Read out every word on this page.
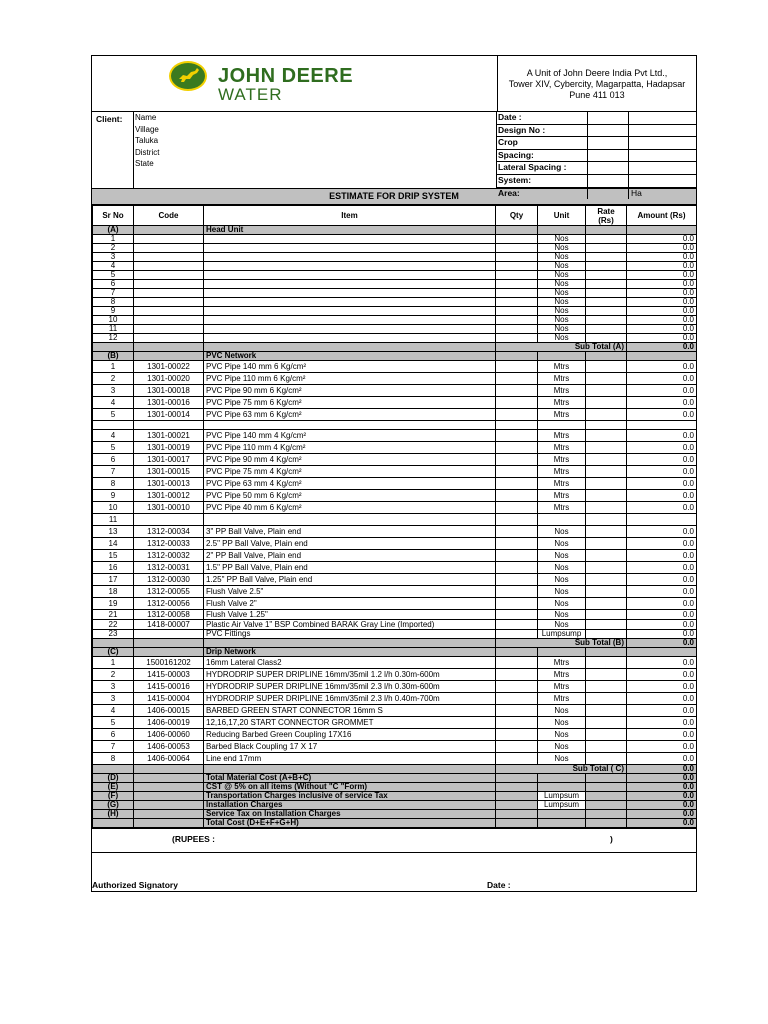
JOHN DEERE
WATER
A Unit of John Deere India Pvt Ltd.,
Tower XIV, Cybercity, Magarpatta, Hadapsar
Pune 411 013
Client:	Name
Village
Taluka
District
State
Date :
Design No :
Crop
Spacing:
Lateral Spacing :
System:
Area:	Ha
ESTIMATE FOR DRIP SYSTEM
Sr No	Code	Item	Qty	Unit	Rate (Rs)	Amount (Rs)
(A)		Head Unit				
1				Nos		0.0
2				Nos		0.0
3				Nos		0.0
4				Nos		0.0
5				Nos		0.0
6				Nos		0.0
7				Nos		0.0
8				Nos		0.0
9				Nos		0.0
10				Nos		0.0
11				Nos		0.0
12				Nos		0.0
			Sub Total (A)			0.0
(B)		PVC Network				
1	1301-00022	PVC Pipe 140 mm 6 Kg/cm²		Mtrs		0.0
2	1301-00020	PVC Pipe 110 mm 6 Kg/cm²		Mtrs		0.0
3	1301-00018	PVC Pipe 90 mm 6 Kg/cm²		Mtrs		0.0
4	1301-00016	PVC Pipe 75 mm 6 Kg/cm²		Mtrs		0.0
5	1301-00014	PVC Pipe 63 mm 6 Kg/cm²		Mtrs		0.0

4	1301-00021	PVC Pipe 140 mm 4 Kg/cm²		Mtrs		0.0
5	1301-00019	PVC Pipe 110 mm 4 Kg/cm²		Mtrs		0.0
6	1301-00017	PVC Pipe 90 mm 4 Kg/cm²		Mtrs		0.0
7	1301-00015	PVC Pipe 75 mm 4 Kg/cm²		Mtrs		0.0
8	1301-00013	PVC Pipe 63 mm 4 Kg/cm²		Mtrs		0.0
9	1301-00012	PVC Pipe 50 mm 6 Kg/cm²		Mtrs		0.0
10	1301-00010	PVC Pipe 40 mm 6 Kg/cm²		Mtrs		0.0
11						
13	1312-00034	3" PP Ball Valve, Plain end		Nos		0.0
14	1312-00033	2.5" PP Ball Valve, Plain end		Nos		0.0
15	1312-00032	2" PP Ball Valve, Plain end		Nos		0.0
16	1312-00031	1.5" PP Ball Valve, Plain end		Nos		0.0
17	1312-00030	1.25" PP Ball Valve, Plain end		Nos		0.0
18	1312-00055	Flush Valve 2.5"		Nos		0.0
19	1312-00056	Flush Valve 2"		Nos		0.0
21	1312-00058	Flush Valve 1.25"		Nos		0.0
22	1418-00007	Plastic Air Valve 1" BSP Combined BARAK Gray Line (Imported)		Nos		0.0
23		PVC Fittings		Lumpsump		0.0
			Sub Total (B)			0.0
(C)		Drip Network				
1	1500161202	16mm Lateral Class2		Mtrs		0.0
2	1415-00003	HYDRODRIP SUPER DRIPLINE 16mm/35mil 1.2 l/h 0.30m-600m		Mtrs		0.0
3	1415-00016	HYDRODRIP SUPER DRIPLINE 16mm/35mil 2.3 l/h 0.30m-600m		Mtrs		0.0
3	1415-00004	HYDRODRIP SUPER DRIPLINE 16mm/35mil 2.3 l/h 0.40m-700m		Mtrs		0.0
4	1406-00015	BARBED GREEN START CONNECTOR 16mm S		Nos		0.0
5	1406-00019	12,16,17,20 START CONNECTOR GROMMET		Nos		0.0
6	1406-00060	Reducing Barbed Green Coupling 17X16		Nos		0.0
7	1406-00053	Barbed Black Coupling 17 X 17		Nos		0.0
8	1406-00064	Line end 17mm		Nos		0.0
			Sub Total ( C)			0.0
(D)		Total Material Cost (A+B+C)				0.0
(E)		CST @ 5% on all items (Without "C "Form)				0.0
(F)		Transportation Charges inclusive of service Tax		Lumpsum		0.0
(G)		Installation Charges		Lumpsum		0.0
(H)		Service Tax on Installation Charges				0.0
		Total Cost (D+E+F+G+H)				0.0
(RUPEES :	)
Authorized Signatory	Date :
